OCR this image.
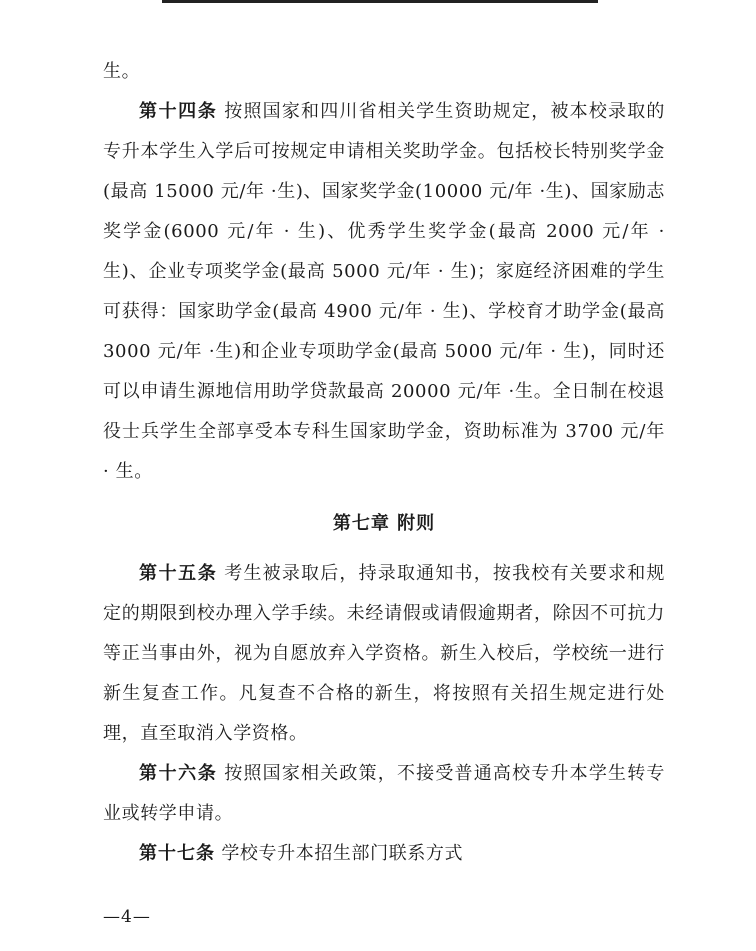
生。

第十四条 按照国家和四川省相关学生资助规定，被本校录取的专升本学生入学后可按规定申请相关奖助学金。包括校长特别奖学金(最高 15000 元/年 ·生)、国家奖学金(10000 元/年 ·生)、国家励志奖学金(6000 元/年 · 生)、优秀学生奖学金(最高 2000 元/年 · 生)、企业专项奖学金(最高 5000 元/年 · 生)；家庭经济困难的学生可获得：国家助学金(最高 4900 元/年 · 生)、学校育才助学金(最高 3000 元/年 ·生)和企业专项助学金(最高 5000 元/年 · 生)，同时还可以申请生源地信用助学贷款最高 20000 元/年 ·生。全日制在校退役士兵学生全部享受本专科生国家助学金，资助标准为 3700 元/年 · 生。

第七章 附则

第十五条 考生被录取后，持录取通知书，按我校有关要求和规定的期限到校办理入学手续。未经请假或请假逾期者，除因不可抗力等正当事由外，视为自愿放弃入学资格。新生入校后，学校统一进行新生复查工作。凡复查不合格的新生，将按照有关招生规定进行处理，直至取消入学资格。

第十六条 按照国家相关政策，不接受普通高校专升本学生转专业或转学申请。

第十七条 学校专升本招生部门联系方式

—4—
